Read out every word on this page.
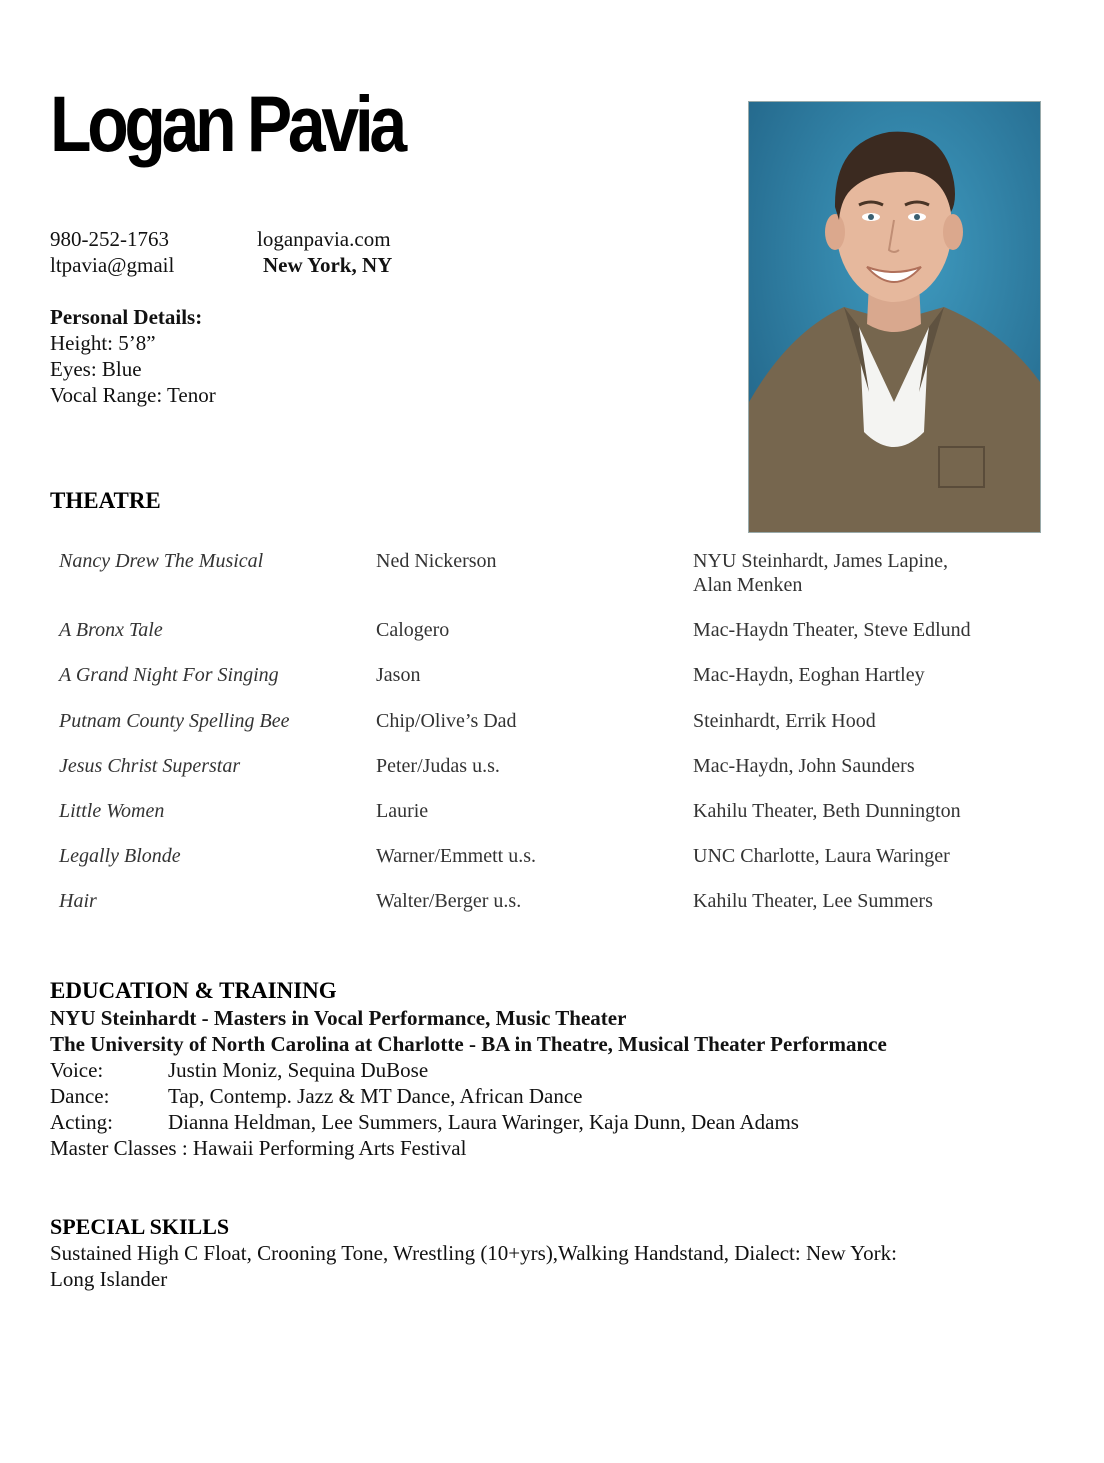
Logan Pavia
980-252-1763
ltpavia@gmail
loganpavia.com
New York, NY
Personal Details:
Height: 5’8”
Eyes: Blue
Vocal Range: Tenor
THEATRE
Nancy Drew The Musical	Ned Nickerson	NYU Steinhardt, James Lapine,
Alan Menken
A Bronx Tale	Calogero	Mac-Haydn Theater, Steve Edlund
A Grand Night For Singing	Jason	Mac-Haydn, Eoghan Hartley
Putnam County Spelling Bee	Chip/Olive’s Dad	Steinhardt, Errik Hood
Jesus Christ Superstar	Peter/Judas u.s.	Mac-Haydn, John Saunders
Little Women	Laurie	Kahilu Theater, Beth Dunnington
Legally Blonde	Warner/Emmett u.s.	UNC Charlotte, Laura Waringer
Hair	Walter/Berger u.s.	Kahilu Theater, Lee Summers
EDUCATION & TRAINING
NYU Steinhardt - Masters in Vocal Performance, Music Theater
The University of North Carolina at Charlotte - BA in Theatre, Musical Theater Performance
Voice:	Justin Moniz, Sequina DuBose
Dance:	Tap, Contemp. Jazz & MT Dance, African Dance
Acting:	Dianna Heldman, Lee Summers, Laura Waringer, Kaja Dunn, Dean Adams
Master Classes : Hawaii Performing Arts Festival
SPECIAL SKILLS
Sustained High C Float, Crooning Tone, Wrestling (10+yrs),Walking Handstand, Dialect: New York:
Long Islander
